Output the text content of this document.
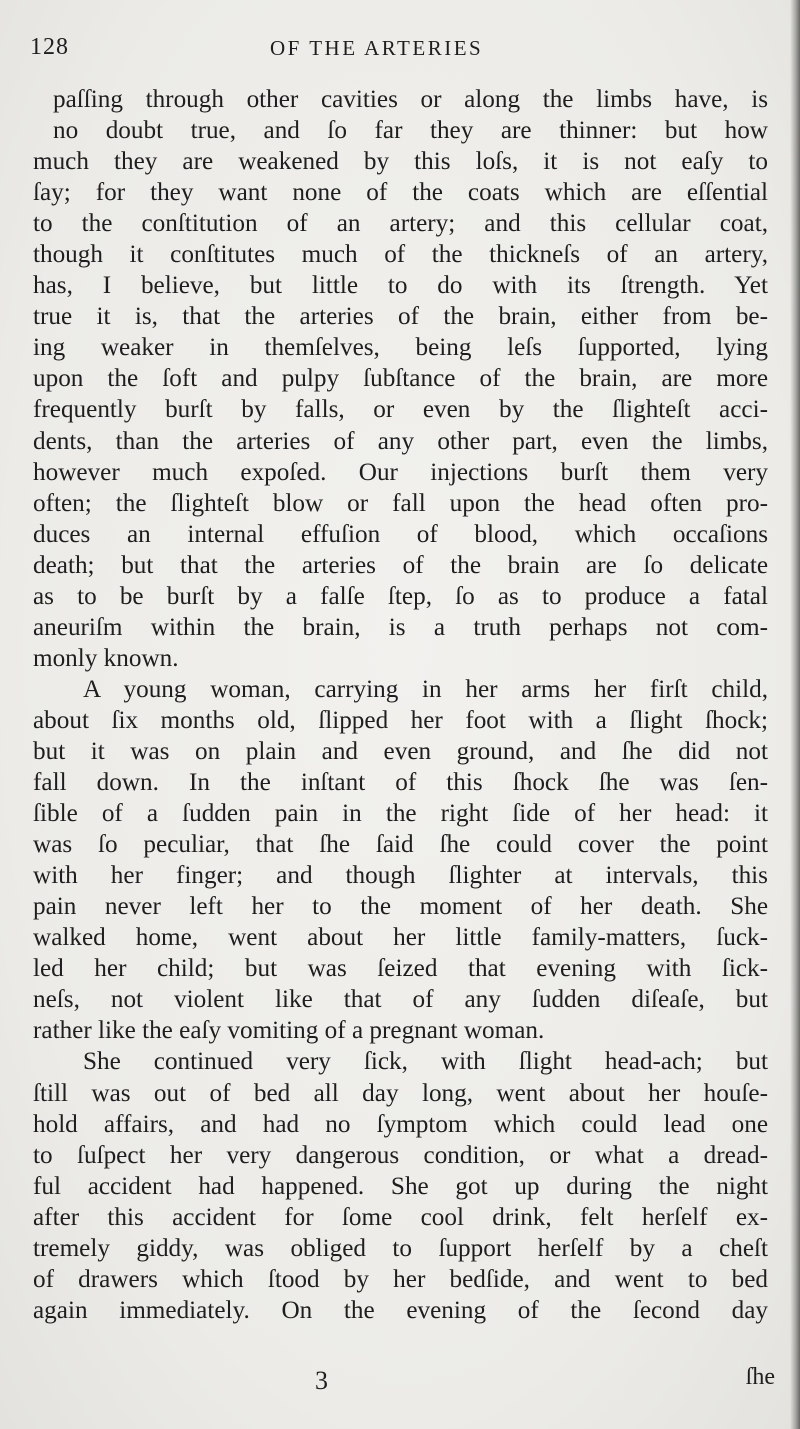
128	OF THE ARTERIES
paſſing through other cavities or along the limbs have, is
no doubt true, and ſo far they are thinner: but how
much they are weakened by this loſs, it is not eaſy to
ſay; for they want none of the coats which are eſſential
to the conſtitution of an artery; and this cellular coat,
though it conſtitutes much of the thickneſs of an artery,
has, I believe, but little to do with its ſtrength. Yet
true it is, that the arteries of the brain, either from be-
ing weaker in themſelves, being leſs ſupported, lying
upon the ſoft and pulpy ſubſtance of the brain, are more
frequently burſt by falls, or even by the ſlighteſt acci-
dents, than the arteries of any other part, even the limbs,
however much expoſed. Our injections burſt them very
often; the ſlighteſt blow or fall upon the head often pro-
duces an internal effuſion of blood, which occaſions
death; but that the arteries of the brain are ſo delicate
as to be burſt by a falſe ſtep, ſo as to produce a fatal
aneuriſm within the brain, is a truth perhaps not com-
monly known.
A young woman, carrying in her arms her firſt child,
about ſix months old, ſlipped her foot with a ſlight ſhock;
but it was on plain and even ground, and ſhe did not
fall down. In the inſtant of this ſhock ſhe was ſen-
ſible of a ſudden pain in the right ſide of her head: it
was ſo peculiar, that ſhe ſaid ſhe could cover the point
with her finger; and though ſlighter at intervals, this
pain never left her to the moment of her death. She
walked home, went about her little family-matters, ſuck-
led her child; but was ſeized that evening with ſick-
neſs, not violent like that of any ſudden diſeaſe, but
rather like the eaſy vomiting of a pregnant woman.
She continued very ſick, with ſlight head-ach; but
ſtill was out of bed all day long, went about her houſe-
hold affairs, and had no ſymptom which could lead one
to ſuſpect her very dangerous condition, or what a dread-
ful accident had happened. She got up during the night
after this accident for ſome cool drink, felt herſelf ex-
tremely giddy, was obliged to ſupport herſelf by a cheſt
of drawers which ſtood by her bedſide, and went to bed
again immediately. On the evening of the ſecond day
3	ſhe
